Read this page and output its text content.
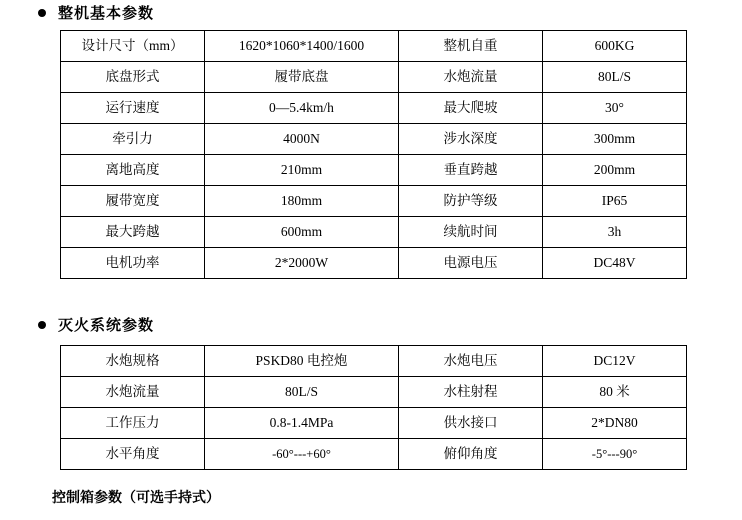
整机基本参数
设计尺寸（mm）	1620*1060*1400/1600	整机自重	600KG
底盘形式	履带底盘	水炮流量	80L/S
运行速度	0—5.4km/h	最大爬坡	30°
牵引力	4000N	涉水深度	300mm
离地高度	210mm	垂直跨越	200mm
履带宽度	180mm	防护等级	IP65
最大跨越	600mm	续航时间	3h
电机功率	2*2000W	电源电压	DC48V
灭火系统参数
水炮规格	PSKD80 电控炮	水炮电压	DC12V
水炮流量	80L/S	水柱射程	80 米
工作压力	0.8-1.4MPa	供水接口	2*DN80
水平角度	-60°---+60°	俯仰角度	-5°---90°
控制箱参数（可选手持式）
